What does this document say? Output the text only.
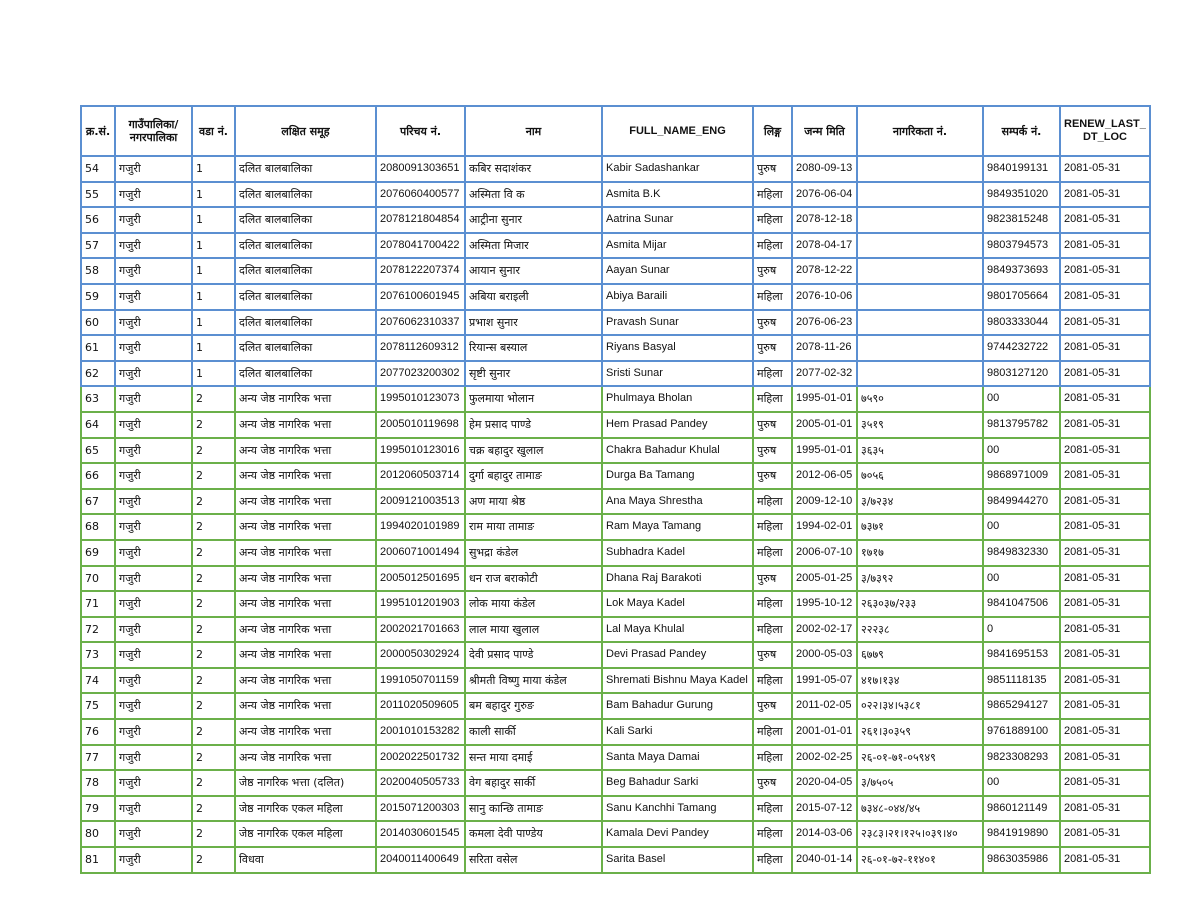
क्र.सं.	गाउँपालिका/ नगरपालिका	वडा नं.	लक्षित समूह	परिचय नं.	नाम	FULL_NAME_ENG	लिङ्ग	जन्म मिति	नागरिकता नं.	सम्पर्क नं.	RENEW_LAST_ DT_LOC
54	गजुरी	1	दलित बालबालिका	2080091303651	कबिर सदाशंकर	Kabir Sadashankar	पुरुष	2080-09-13		9840199131	2081-05-31
55	गजुरी	1	दलित बालबालिका	2076060400577	अस्मिता वि क	Asmita B.K	महिला	2076-06-04		9849351020	2081-05-31
56	गजुरी	1	दलित बालबालिका	2078121804854	आट्रीना सुनार	Aatrina Sunar	महिला	2078-12-18		9823815248	2081-05-31
57	गजुरी	1	दलित बालबालिका	2078041700422	अस्मिता मिजार	Asmita Mijar	महिला	2078-04-17		9803794573	2081-05-31
58	गजुरी	1	दलित बालबालिका	2078122207374	आयान सुनार	Aayan Sunar	पुरुष	2078-12-22		9849373693	2081-05-31
59	गजुरी	1	दलित बालबालिका	2076100601945	अबिया बराइली	Abiya Baraili	महिला	2076-10-06		9801705664	2081-05-31
60	गजुरी	1	दलित बालबालिका	2076062310337	प्रभाश सुनार	Pravash Sunar	पुरुष	2076-06-23		9803333044	2081-05-31
61	गजुरी	1	दलित बालबालिका	2078112609312	रियान्स बस्याल	Riyans Basyal	पुरुष	2078-11-26		9744232722	2081-05-31
62	गजुरी	1	दलित बालबालिका	2077023200302	सृष्टी सुनार	Sristi Sunar	महिला	2077-02-32		9803127120	2081-05-31
63	गजुरी	2	अन्य जेष्ठ नागरिक भत्ता	1995010123073	फुलमाया भोलान	Phulmaya Bholan	महिला	1995-01-01	७५९०	00	2081-05-31
64	गजुरी	2	अन्य जेष्ठ नागरिक भत्ता	2005010119698	हेम प्रसाद पाण्डे	Hem Prasad Pandey	पुरुष	2005-01-01	३५१९	9813795782	2081-05-31
65	गजुरी	2	अन्य जेष्ठ नागरिक भत्ता	1995010123016	चक्र बहादुर खुलाल	Chakra Bahadur Khulal	पुरुष	1995-01-01	३६३५	00	2081-05-31
66	गजुरी	2	अन्य जेष्ठ नागरिक भत्ता	2012060503714	दुर्गा बहादुर तामाङ	Durga Ba Tamang	पुरुष	2012-06-05	७०५६	9868971009	2081-05-31
67	गजुरी	2	अन्य जेष्ठ नागरिक भत्ता	2009121003513	अण माया श्रेष्ठ	Ana Maya Shrestha	महिला	2009-12-10	३/७२३४	9849944270	2081-05-31
68	गजुरी	2	अन्य जेष्ठ नागरिक भत्ता	1994020101989	राम माया तामाङ	Ram Maya Tamang	महिला	1994-02-01	७३७१	00	2081-05-31
69	गजुरी	2	अन्य जेष्ठ नागरिक भत्ता	2006071001494	सुभद्रा कंडेल	Subhadra Kadel	महिला	2006-07-10	१७१७	9849832330	2081-05-31
70	गजुरी	2	अन्य जेष्ठ नागरिक भत्ता	2005012501695	धन राज बराकोटी	Dhana Raj Barakoti	पुरुष	2005-01-25	३/७३९२	00	2081-05-31
71	गजुरी	2	अन्य जेष्ठ नागरिक भत्ता	1995101201903	लोक माया कंडेल	Lok Maya Kadel	महिला	1995-10-12	२६३०३७/२३३	9841047506	2081-05-31
72	गजुरी	2	अन्य जेष्ठ नागरिक भत्ता	2002021701663	लाल माया खुलाल	Lal Maya Khulal	महिला	2002-02-17	२२२३८	0	2081-05-31
73	गजुरी	2	अन्य जेष्ठ नागरिक भत्ता	2000050302924	देवी प्रसाद पाण्डे	Devi Prasad Pandey	पुरुष	2000-05-03	६७७९	9841695153	2081-05-31
74	गजुरी	2	अन्य जेष्ठ नागरिक भत्ता	1991050701159	श्रीमती विष्णु माया कंडेल	Shremati Bishnu Maya Kadel	महिला	1991-05-07	४१७।१३४	9851118135	2081-05-31
75	गजुरी	2	अन्य जेष्ठ नागरिक भत्ता	2011020509605	बम बहादुर गुरुङ	Bam Bahadur Gurung	पुरुष	2011-02-05	०२२।३४।५३८१	9865294127	2081-05-31
76	गजुरी	2	अन्य जेष्ठ नागरिक भत्ता	2001010153282	काली सार्की	Kali Sarki	महिला	2001-01-01	२६१।३०३५९	9761889100	2081-05-31
77	गजुरी	2	अन्य जेष्ठ नागरिक भत्ता	2002022501732	सन्त माया दमाई	Santa Maya Damai	महिला	2002-02-25	२६-०१-७१-०५९४९	9823308293	2081-05-31
78	गजुरी	2	जेष्ठ नागरिक भत्ता (दलित)	2020040505733	वेग बहादुर सार्की	Beg Bahadur Sarki	पुरुष	2020-04-05	३/७५०५	00	2081-05-31
79	गजुरी	2	जेष्ठ नागरिक एकल महिला	2015071200303	सानु कान्छि तामाङ	Sanu Kanchhi Tamang	महिला	2015-07-12	७३४८-०४४/४५	9860121149	2081-05-31
80	गजुरी	2	जेष्ठ नागरिक एकल महिला	2014030601545	कमला देवी पाण्डेय	Kamala Devi Pandey	महिला	2014-03-06	२३८३।२१।१२५।०३९।४०	9841919890	2081-05-31
81	गजुरी	2	विधवा	2040011400649	सरिता वसेल	Sarita Basel	महिला	2040-01-14	२६-०१-७२-११४०१	9863035986	2081-05-31
